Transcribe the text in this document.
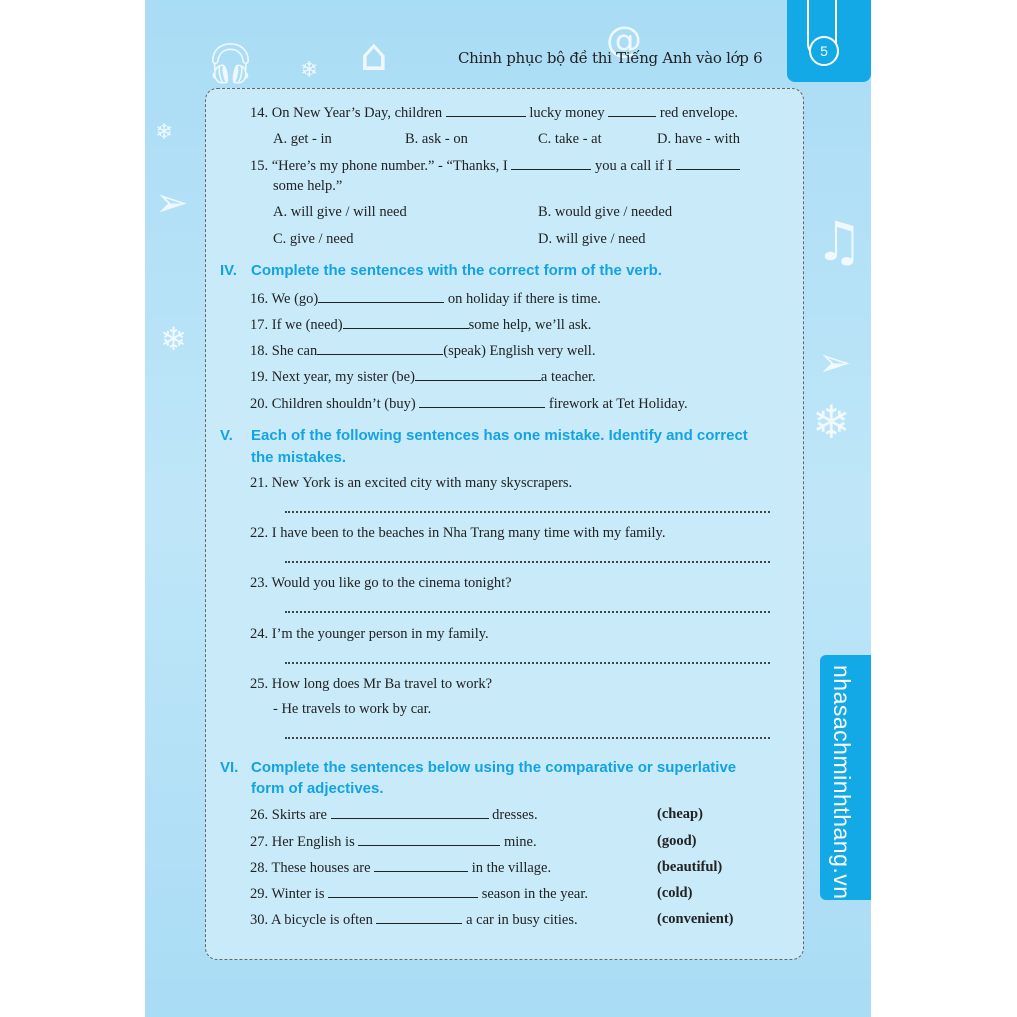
🎧︎ ⌂
❄
❄
❄
❄
♫
➢
➢
@
Chinh phục bộ đề thi Tiếng Anh vào lớp 6	5
nhasachminhthang.vn
14. On New Year’s Day, children	lucky money	red envelope.
A. get - in	B. ask - on	C. take - at	D. have - with
15. “Here’s my phone number.” - “Thanks, I	you a call if I
some help.”
A. will give / will need	B. would give / needed
C. give / need	D. will give / need
IV. Complete the sentences with the correct form of the verb.
16. We (go)	on holiday if there is time.
17. If we (need)	some help, we’ll ask.
18. She can	(speak) English very well.
19. Next year, my sister (be)	a teacher.
20. Children shouldn’t (buy)	firework at Tet Holiday.
V. Each of the following sentences has one mistake. Identify and correct
the mistakes.
21. New York is an excited city with many skyscrapers.
22. I have been to the beaches in Nha Trang many time with my family.
23. Would you like go to the cinema tonight?
24. I’m the younger person in my family.
25. How long does Mr Ba travel to work?
- He travels to work by car.
VI. Complete the sentences below using the comparative or superlative
form of adjectives.
26. Skirts are	dresses.	(cheap)
27. Her English is	mine.	(good)
28. These houses are	in the village.	(beautiful)
29. Winter is	season in the year.	(cold)
30. A bicycle is often	a car in busy cities.	(convenient)
